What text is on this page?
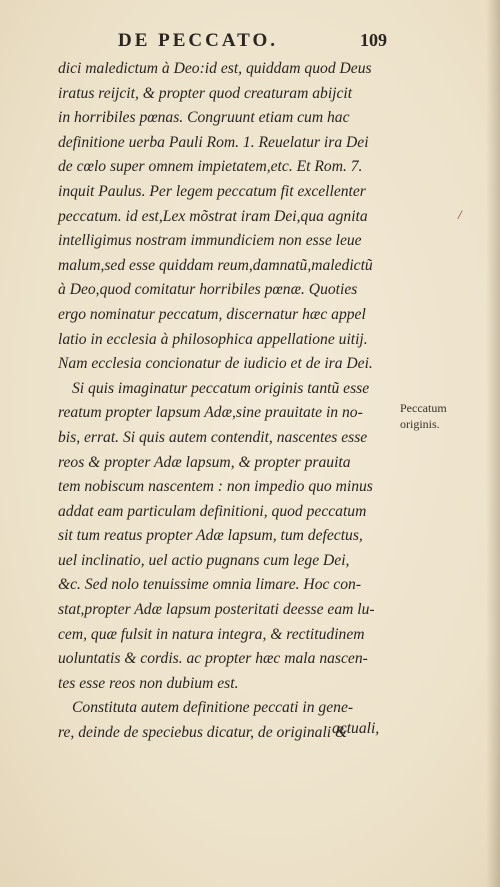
DE PECCATO.	109
dici maledictum à Deo:id est, quiddam quod Deus
iratus reijcit, & propter quod creaturam abijcit
in horribiles pœnas. Congruunt etiam cum hac
definitione uerba Pauli Rom. 1. Reuelatur ira Dei
de cœlo super omnem impietatem,etc. Et Rom. 7.
inquit Paulus. Per legem peccatum fit excellenter
peccatum. id est,Lex mõstrat iram Dei,qua agnita
intelligimus nostram immundiciem non esse leue
malum,sed esse quiddam reum,damnatũ,maledictũ
à Deo,quod comitatur horribiles pœnæ. Quoties
ergo nominatur peccatum, discernatur hæc appel
latio in ecclesia à philosophica appellatione uitij.
Nam ecclesia concionatur de iudicio et de ira Dei.
Si quis imaginatur peccatum originis tantũ esse
reatum propter lapsum Adæ,sine prauitate in no-
bis, errat. Si quis autem contendit, nascentes esse
reos & propter Adæ lapsum, & propter prauita
tem nobiscum nascentem : non impedio quo minus
addat eam particulam definitioni, quod peccatum
sit tum reatus propter Adæ lapsum, tum defectus,
uel inclinatio, uel actio pugnans cum lege Dei,
&c. Sed nolo tenuissime omnia limare. Hoc con-
stat,propter Adæ lapsum posteritati deesse eam lu-
cem, quæ fulsit in natura integra, & rectitudinem
uoluntatis & cordis. ac propter hæc mala nascen-
tes esse reos non dubium est.
Constituta autem definitione peccati in gene-
re, deinde de speciebus dicatur, de originali &
actuali,
Peccatum
originis.
/
